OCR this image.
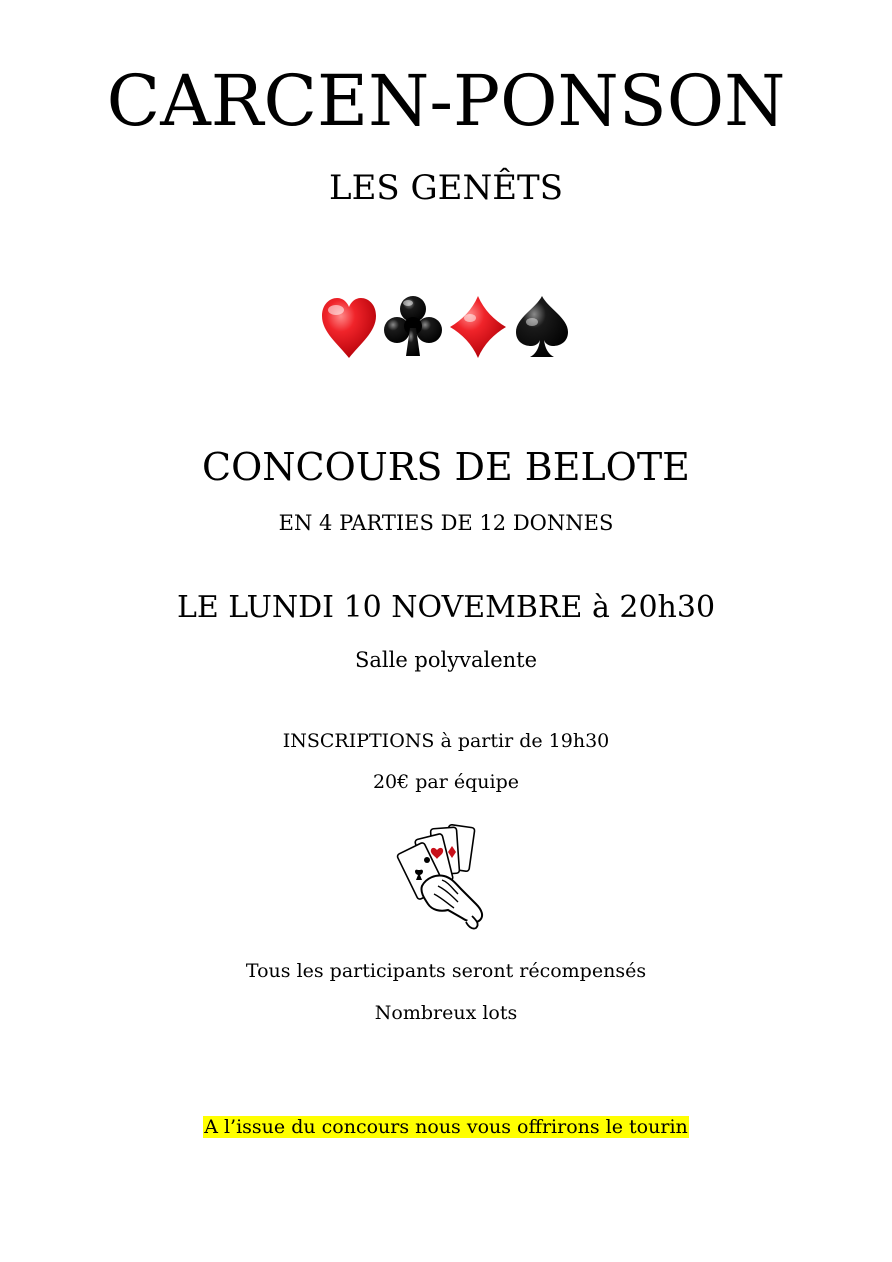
CARCEN-PONSON
LES GENÊTS
CONCOURS DE BELOTE
EN 4 PARTIES DE 12 DONNES
LE LUNDI 10 NOVEMBRE à 20h30
Salle polyvalente
INSCRIPTIONS à partir de 19h30
20€ par équipe
Tous les participants seront récompensés
Nombreux lots
A l’issue du concours nous vous offrirons le tourin
